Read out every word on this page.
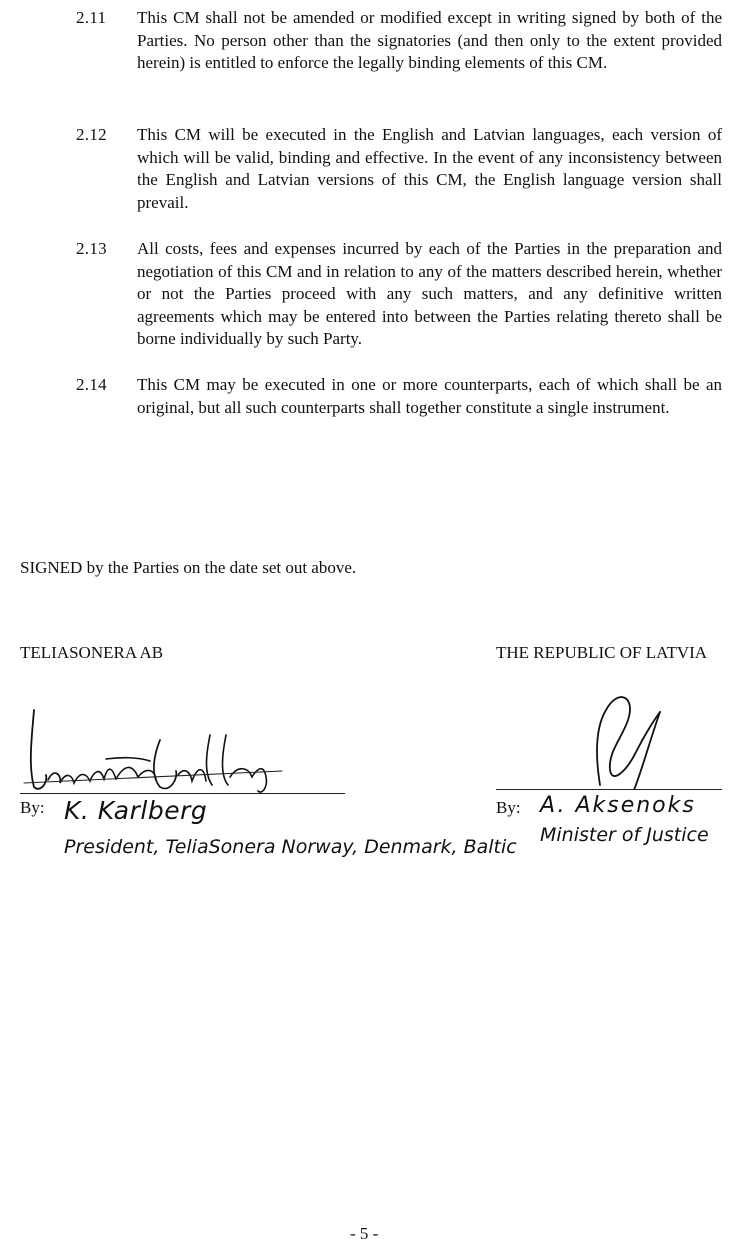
2.11 This CM shall not be amended or modified except in writing signed by both of the Parties. No person other than the signatories (and then only to the extent provided herein) is entitled to enforce the legally binding elements of this CM.
2.12 This CM will be executed in the English and Latvian languages, each version of which will be valid, binding and effective. In the event of any inconsistency between the English and Latvian versions of this CM, the English language version shall prevail.
2.13 All costs, fees and expenses incurred by each of the Parties in the preparation and negotiation of this CM and in relation to any of the matters described herein, whether or not the Parties proceed with any such matters, and any definitive written agreements which may be entered into between the Parties relating thereto shall be borne individually by such Party.
2.14 This CM may be executed in one or more counterparts, each of which shall be an original, but all such counterparts shall together constitute a single instrument.
SIGNED by the Parties on the date set out above.
TELIASONERA AB	THE REPUBLIC OF LATVIA
By:	By:
K. Karlberg
President, TeliaSonera Norway, Denmark, Baltic
A. Aksenoks
Minister of Justice
- 5 -
